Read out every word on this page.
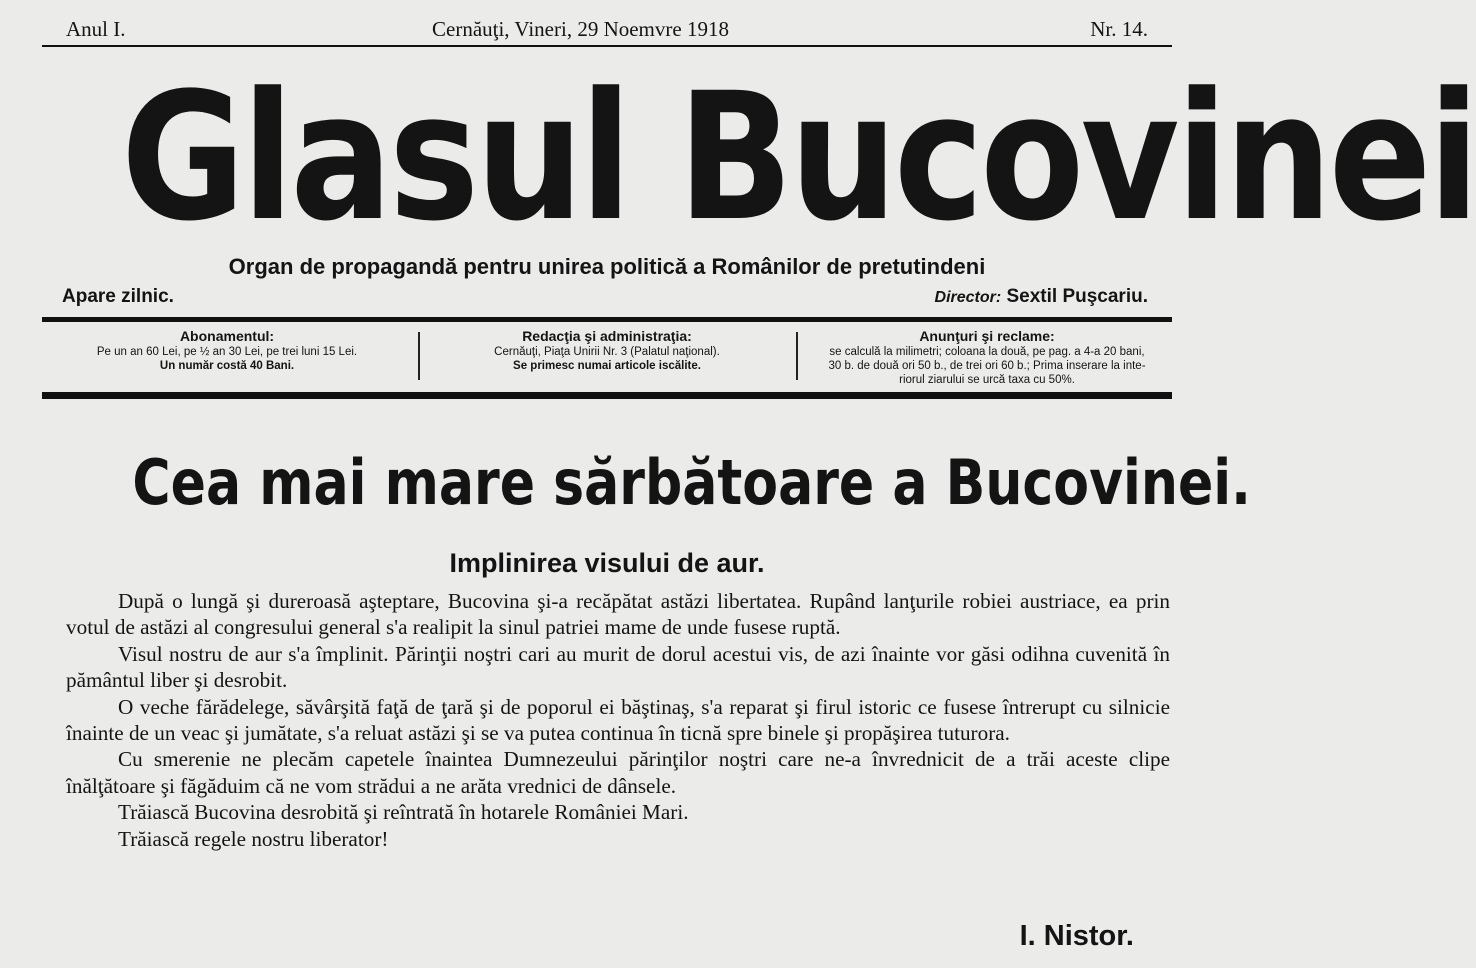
Anul I.	Cernăuţi, Vineri, 29 Noemvre 1918	Nr. 14.
Glasul Bucovinei
Organ de propagandă pentru unirea politică a Românilor de pretutindeni
Apare zilnic.	Director: Sextil Puşcariu.
Abonamentul:
Pe un an 60 Lei, pe ½ an 30 Lei, pe trei luni 15 Lei.
Un număr costă 40 Bani.
Redacţia şi administraţia:
Cernăuţi, Piaţa Unirii Nr. 3 (Palatul naţional).
Se primesc numai articole iscălite.
Anunţuri şi reclame:
se calculă la milimetri; coloana la două, pe pag. a 4-a 20 bani,
30 b. de două ori 50 b., de trei ori 60 b.; Prima inserare la inte-
riorul ziarului se urcă taxa cu 50%.
Cea mai mare sărbătoare a Bucovinei.
Implinirea visului de aur.

După o lungă şi dureroasă aşteptare, Bucovina şi-a recăpătat astăzi libertatea. Rupând lanţurile robiei austriace, ea prin votul de astăzi al congresului general s'a realipit la sinul patriei mame de unde fusese ruptă.

Visul nostru de aur s'a împlinit. Părinţii noştri cari au murit de dorul acestui vis, de azi înainte vor găsi odihna cuvenită în pământul liber şi desrobit.

O veche fărădelege, săvârşită faţă de ţară şi de poporul ei băştinaş, s'a reparat şi firul istoric ce fusese întrerupt cu silnicie înainte de un veac şi jumătate, s'a reluat astăzi şi se va putea continua în ticnă spre binele şi propăşirea tuturora.

Cu smerenie ne plecăm capetele înaintea Dumnezeului părinţilor noştri care ne-a învrednicit de a trăi aceste clipe înălţătoare şi făgăduim că ne vom strădui a ne arăta vrednici de dânsele.

Trăiască Bucovina desrobită şi reîntrată în hotarele României Mari.

Trăiască regele nostru liberator!

I. Nistor.
